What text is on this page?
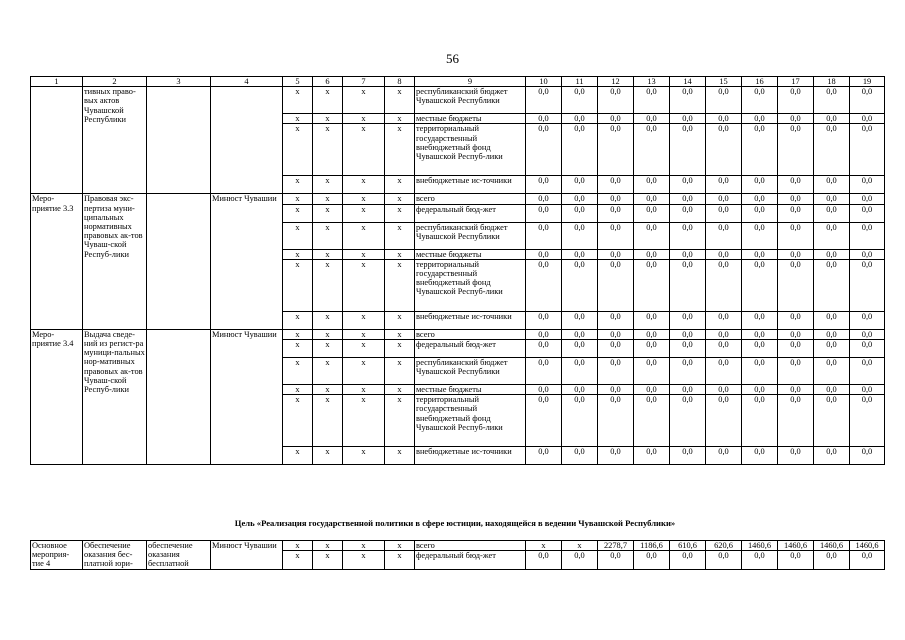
56
1	2	3	4	5	6	7	8	9	10	11	12	13	14	15	16	17	18	19
	тивных право-вых актов Чувашской Республики			x	x	x	x	республиканский бюджет Чувашской Республики	0,0	0,0	0,0	0,0	0,0	0,0	0,0	0,0	0,0	0,0
				x	x	x	x	местные бюджеты	0,0	0,0	0,0	0,0	0,0	0,0	0,0	0,0	0,0	0,0
				x	x	x	x	территориальный государственный внебюджетный фонд Чувашской Респуб-лики	0,0	0,0	0,0	0,0	0,0	0,0	0,0	0,0	0,0	0,0
				x	x	x	x	внебюджетные ис-точники	0,0	0,0	0,0	0,0	0,0	0,0	0,0	0,0	0,0	0,0
Меро-приятие 3.3	Правовая экс-пертиза муни-ципальных нормативных правовых ак-тов Чуваш-ской Респуб-лики		Минюст Чувашии	x	x	x	x	всего	0,0	0,0	0,0	0,0	0,0	0,0	0,0	0,0	0,0	0,0
				x	x	x	x	федеральный бюд-жет	0,0	0,0	0,0	0,0	0,0	0,0	0,0	0,0	0,0	0,0
				x	x	x	x	республиканский бюджет Чувашской Республики	0,0	0,0	0,0	0,0	0,0	0,0	0,0	0,0	0,0	0,0
				x	x	x	x	местные бюджеты	0,0	0,0	0,0	0,0	0,0	0,0	0,0	0,0	0,0	0,0
				x	x	x	x	территориальный государственный внебюджетный фонд Чувашской Респуб-лики	0,0	0,0	0,0	0,0	0,0	0,0	0,0	0,0	0,0	0,0
				x	x	x	x	внебюджетные ис-точники	0,0	0,0	0,0	0,0	0,0	0,0	0,0	0,0	0,0	0,0
Меро-приятие 3.4	Выдача сведе-ний из регист-ра муници-пальных нор-мативных правовых ак-тов Чуваш-ской Респуб-лики		Минюст Чувашии	x	x	x	x	всего	0,0	0,0	0,0	0,0	0,0	0,0	0,0	0,0	0,0	0,0
				x	x	x	x	федеральный бюд-жет	0,0	0,0	0,0	0,0	0,0	0,0	0,0	0,0	0,0	0,0
				x	x	x	x	республиканский бюджет Чувашской Республики	0,0	0,0	0,0	0,0	0,0	0,0	0,0	0,0	0,0	0,0
				x	x	x	x	местные бюджеты	0,0	0,0	0,0	0,0	0,0	0,0	0,0	0,0	0,0	0,0
				x	x	x	x	территориальный государственный внебюджетный фонд Чувашской Респуб-лики	0,0	0,0	0,0	0,0	0,0	0,0	0,0	0,0	0,0	0,0
				x	x	x	x	внебюджетные ис-точники	0,0	0,0	0,0	0,0	0,0	0,0	0,0	0,0	0,0	0,0
Цель «Реализация государственной политики в сфере юстиции, находящейся в ведении Чувашской Республики»
Основное мероприя-тие 4	Обеспечение оказания бес-платной юри-	обеспечение оказания бесплатной	Минюст Чувашии	x	x	x	x	всего	x	x	2278,7	1186,6	610,6	620,6	1460,6	1460,6	1460,6	1460,6
				x	x	x	x	федеральный бюд-жет	0,0	0,0	0,0	0,0	0,0	0,0	0,0	0,0	0,0	0,0
